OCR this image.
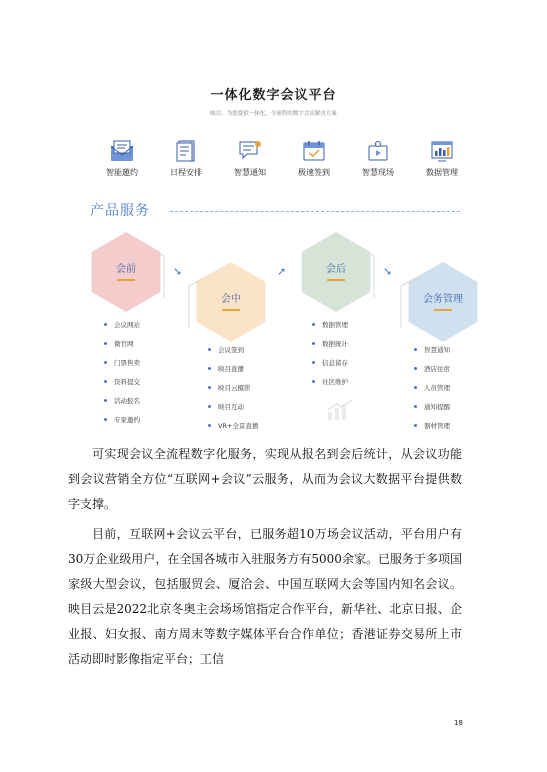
一体化数字会议平台
映目，为您提供一体化、全流程的数字会议解决方案
智能邀约	日程安排	智慧通知	极速签到	智慧现场	数据管理
产品服务
会前
会中
会后
会务管理
➘	➚	➘
会议网站
微官网
门票售卖
资料提交
活动报名
专家邀约
会议签到
映目直播
映目云摄影
映目互动
VR+全景直播
数据管理
数据统计
信息留存
社区维护
智慧通知
酒店住宿
人员管理
通知提醒
器材管理

可实现会议全流程数字化服务，实现从报名到会后统计，从会议功能到会议营销全方位“互联网+会议”云服务，从而为会议大数据平台提供数字支撑。

目前，互联网+会议云平台，已服务超10万场会议活动，平台用户有30万企业级用户，在全国各城市入驻服务方有5000余家。已服务于多项国家级大型会议，包括服贸会、厦洽会、中国互联网大会等国内知名会议。映目云是2022北京冬奥主会场场馆指定合作平台，新华社、北京日报、企业报、妇女报、南方周末等数字媒体平台合作单位；香港证券交易所上市活动即时影像指定平台；工信

18
